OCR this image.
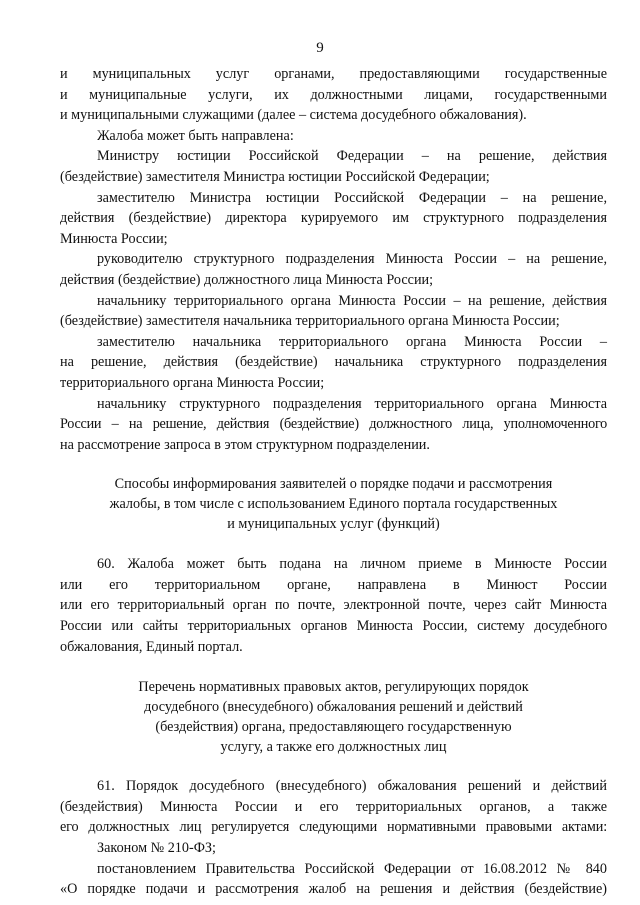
9

и муниципальных услуг органами, предоставляющими государственные

и муниципальные услуги, их должностными лицами, государственными

и муниципальными служащими (далее – система досудебного обжалования).

Жалоба может быть направлена:

Министру юстиции Российской Федерации – на решение, действия

(бездействие) заместителя Министра юстиции Российской Федерации;

заместителю Министра юстиции Российской Федерации – на решение,

действия (бездействие) директора курируемого им структурного подразделения

Минюста России;

руководителю структурного подразделения Минюста России – на решение,

действия (бездействие) должностного лица Минюста России;

начальнику территориального органа Минюста России – на решение, действия

(бездействие) заместителя начальника территориального органа Минюста России;

заместителю начальника территориального органа Минюста России –

на решение, действия (бездействие) начальника структурного подразделения

территориального органа Минюста России;

начальнику структурного подразделения территориального органа Минюста

России – на решение, действия (бездействие) должностного лица, уполномоченного

на рассмотрение запроса в этом структурном подразделении.

Способы информирования заявителей о порядке подачи и рассмотрения
жалобы, в том числе с использованием Единого портала государственных
и муниципальных услуг (функций)

60. Жалоба может быть подана на личном приеме в Минюсте России

или его территориальном органе, направлена в Минюст России

или его территориальный орган по почте, электронной почте, через сайт Минюста

России или сайты территориальных органов Минюста России, систему досудебного

обжалования, Единый портал.

Перечень нормативных правовых актов, регулирующих порядок
досудебного (внесудебного) обжалования решений и действий
(бездействия) органа, предоставляющего государственную
услугу, а также его должностных лиц

61. Порядок досудебного (внесудебного) обжалования решений и действий

(бездействия) Минюста России и его территориальных органов, а также

его должностных лиц регулируется следующими нормативными правовыми актами:

Законом № 210-ФЗ;

постановлением Правительства Российской Федерации от 16.08.2012 № 840

«О порядке подачи и рассмотрения жалоб на решения и действия (бездействие)
